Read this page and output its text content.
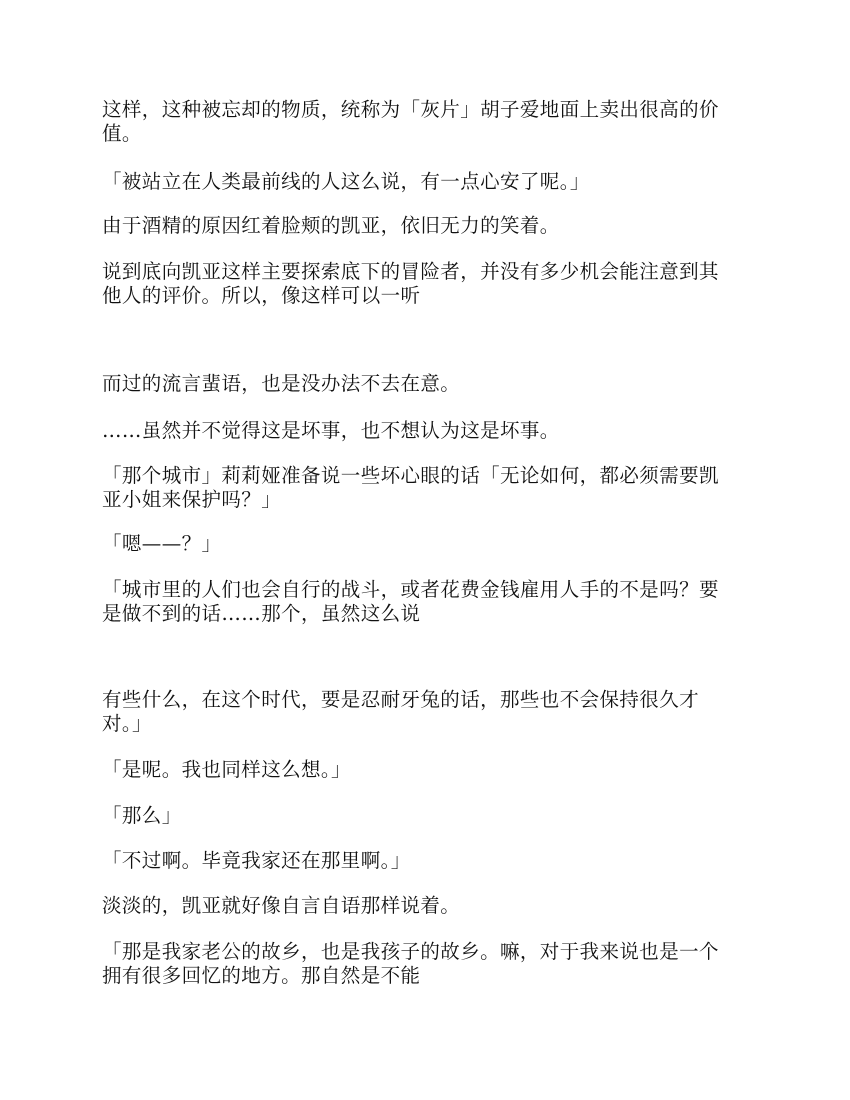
这样，这种被忘却的物质，统称为「灰片」胡子爱地面上卖出很高的价
值。

「被站立在人类最前线的人这么说，有一点心安了呢。」

由于酒精的原因红着脸颊的凯亚，依旧无力的笑着。

说到底向凯亚这样主要探索底下的冒险者，并没有多少机会能注意到其
他人的评价。所以，像这样可以一听

而过的流言蜚语，也是没办法不去在意。

……虽然并不觉得这是坏事，也不想认为这是坏事。

「那个城市」莉莉娅准备说一些坏心眼的话「无论如何，都必须需要凯
亚小姐来保护吗？」

「嗯——？」

「城市里的人们也会自行的战斗，或者花费金钱雇用人手的不是吗？要
是做不到的话……那个，虽然这么说

有些什么，在这个时代，要是忍耐牙兔的话，那些也不会保持很久才
对。」

「是呢。我也同样这么想。」

「那么」

「不过啊。毕竟我家还在那里啊。」

淡淡的，凯亚就好像自言自语那样说着。

「那是我家老公的故乡，也是我孩子的故乡。嘛，对于我来说也是一个
拥有很多回忆的地方。那自然是不能
